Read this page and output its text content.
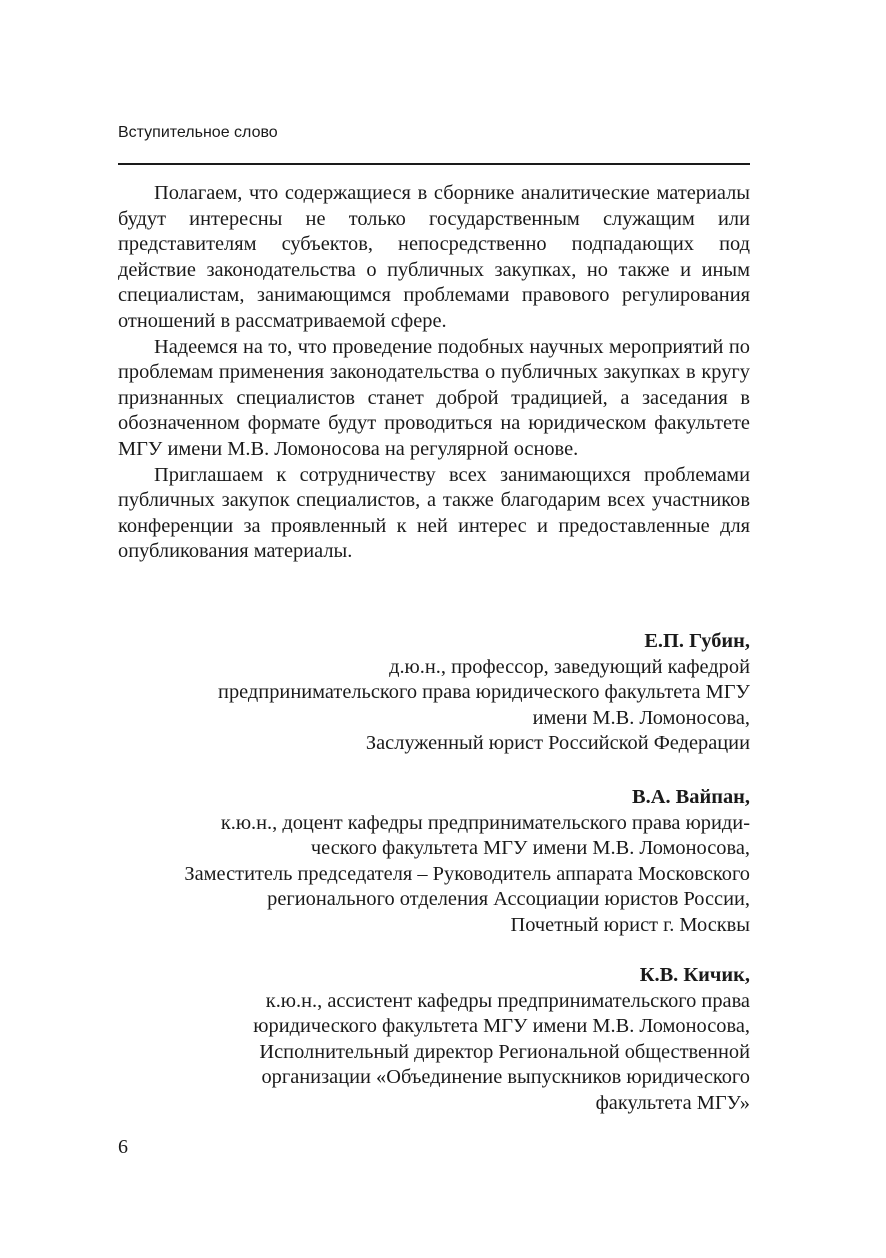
Вступительное слово

Полагаем, что содержащиеся в сборнике аналитические материалы будут интересны не только государственным служащим или представителям субъектов, непосредственно подпадающих под действие законодательства о публичных закупках, но также и иным специалистам, занимающимся проблемами правового регулирования отношений в рассматриваемой сфере.

Надеемся на то, что проведение подобных научных мероприятий по проблемам применения законодательства о публичных закупках в кругу признанных специалистов станет доброй традицией, а заседания в обозначенном формате будут проводиться на юридическом факультете МГУ имени М.В. Ломоносова на регулярной основе.

Приглашаем к сотрудничеству всех занимающихся проблемами публичных закупок специалистов, а также благодарим всех участников конференции за проявленный к ней интерес и предоставленные для опубликования материалы.

Е.П. Губин,
д.ю.н., профессор, заведующий кафедрой
предпринимательского права юридического факультета МГУ
имени М.В. Ломоносова,
Заслуженный юрист Российской Федерации
В.А. Вайпан,
к.ю.н., доцент кафедры предпринимательского права юриди-
ческого факультета МГУ имени М.В. Ломоносова,
Заместитель председателя – Руководитель аппарата Московского
регионального отделения Ассоциации юристов России,
Почетный юрист г. Москвы
К.В. Кичик,
к.ю.н., ассистент кафедры предпринимательского права
юридического факультета МГУ имени М.В. Ломоносова,
Исполнительный директор Региональной общественной
организации «Объединение выпускников юридического
факультета МГУ»
6
